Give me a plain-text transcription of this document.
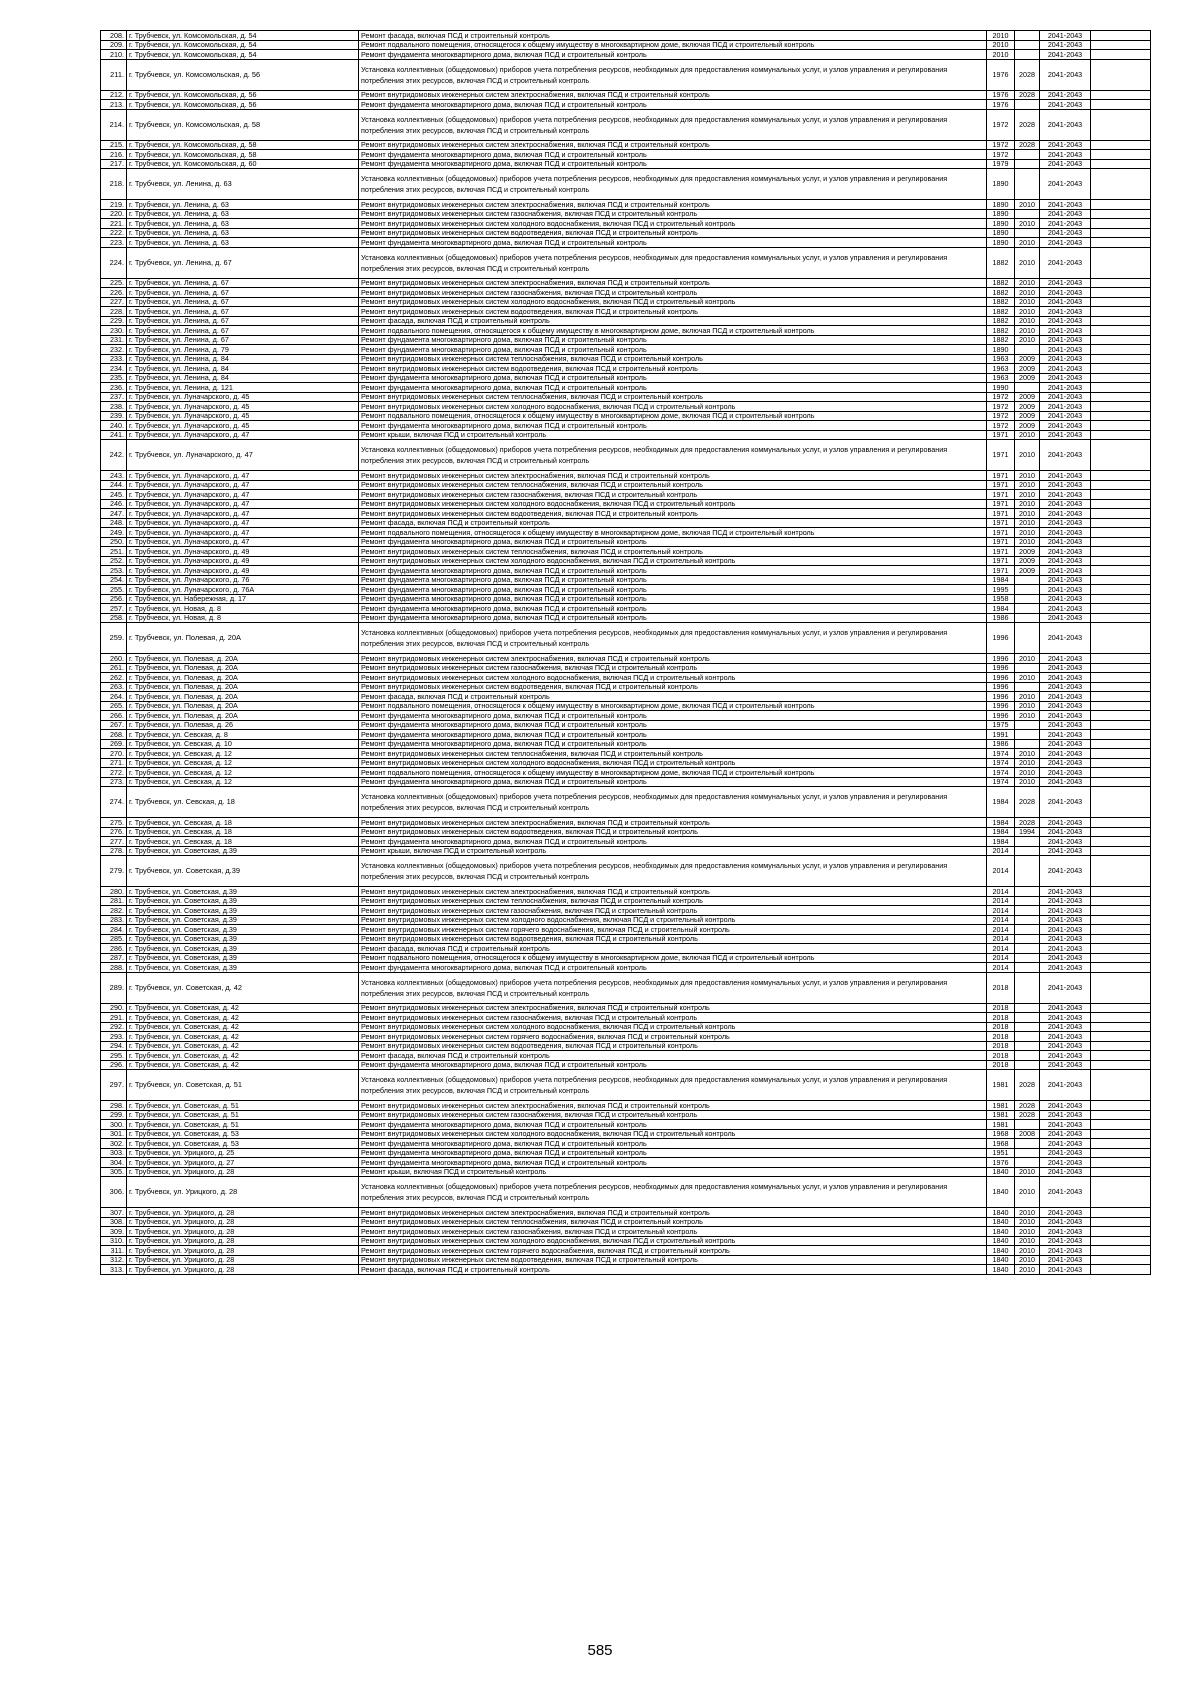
208.	г. Трубчевск, ул. Комсомольская, д. 54	Ремонт фасада, включая ПСД и строительный контроль	2010		2041-2043	
209.	г. Трубчевск, ул. Комсомольская, д. 54	Ремонт подвального помещения, относящегося к общему имуществу в многоквартирном доме, включая ПСД и строительный контроль	2010		2041-2043	
210.	г. Трубчевск, ул. Комсомольская, д. 54	Ремонт фундамента многоквартирного дома, включая ПСД и строительный контроль	2010		2041-2043	
211.	г. Трубчевск, ул. Комсомольская, д. 56	Установка коллективных (общедомовых) приборов учета потребления ресурсов, необходимых для предоставления коммунальных услуг, и узлов управления и регулирования потребления этих ресурсов, включая ПСД и строительный контроль	1976	2028	2041-2043	
212.	г. Трубчевск, ул. Комсомольская, д. 56	Ремонт внутридомовых инженерных систем электроснабжения, включая ПСД и строительный контроль	1976	2028	2041-2043	
213.	г. Трубчевск, ул. Комсомольская, д. 56	Ремонт фундамента многоквартирного дома, включая ПСД и строительный контроль	1976		2041-2043	
214.	г. Трубчевск, ул. Комсомольская, д. 58	Установка коллективных (общедомовых) приборов учета потребления ресурсов, необходимых для предоставления коммунальных услуг, и узлов управления и регулирования потребления этих ресурсов, включая ПСД и строительный контроль	1972	2028	2041-2043	
215.	г. Трубчевск, ул. Комсомольская, д. 58	Ремонт внутридомовых инженерных систем электроснабжения, включая ПСД и строительный контроль	1972	2028	2041-2043	
216.	г. Трубчевск, ул. Комсомольская, д. 58	Ремонт фундамента многоквартирного дома, включая ПСД и строительный контроль	1972		2041-2043	
217.	г. Трубчевск, ул. Комсомольская, д. 60	Ремонт фундамента многоквартирного дома, включая ПСД и строительный контроль	1979		2041-2043	
218.	г. Трубчевск, ул. Ленина, д. 63	Установка коллективных (общедомовых) приборов учета потребления ресурсов, необходимых для предоставления коммунальных услуг, и узлов управления и регулирования потребления этих ресурсов, включая ПСД и строительный контроль	1890		2041-2043	
219.	г. Трубчевск, ул. Ленина, д. 63	Ремонт внутридомовых инженерных систем электроснабжения, включая ПСД и строительный контроль	1890	2010	2041-2043	
220.	г. Трубчевск, ул. Ленина, д. 63	Ремонт внутридомовых инженерных систем газоснабжения, включая ПСД и строительный контроль	1890		2041-2043	
221.	г. Трубчевск, ул. Ленина, д. 63	Ремонт внутридомовых инженерных систем холодного водоснабжения, включая ПСД и строительный контроль	1890	2010	2041-2043	
222.	г. Трубчевск, ул. Ленина, д. 63	Ремонт внутридомовых инженерных систем водоотведения, включая ПСД и строительный контроль	1890		2041-2043	
223.	г. Трубчевск, ул. Ленина, д. 63	Ремонт фундамента многоквартирного дома, включая ПСД и строительный контроль	1890	2010	2041-2043	
224.	г. Трубчевск, ул. Ленина, д. 67	Установка коллективных (общедомовых) приборов учета потребления ресурсов, необходимых для предоставления коммунальных услуг, и узлов управления и регулирования потребления этих ресурсов, включая ПСД и строительный контроль	1882	2010	2041-2043	
225.	г. Трубчевск, ул. Ленина, д. 67	Ремонт внутридомовых инженерных систем электроснабжения, включая ПСД и строительный контроль	1882	2010	2041-2043	
226.	г. Трубчевск, ул. Ленина, д. 67	Ремонт внутридомовых инженерных систем газоснабжения, включая ПСД и строительный контроль	1882	2010	2041-2043	
227.	г. Трубчевск, ул. Ленина, д. 67	Ремонт внутридомовых инженерных систем холодного водоснабжения, включая ПСД и строительный контроль	1882	2010	2041-2043	
228.	г. Трубчевск, ул. Ленина, д. 67	Ремонт внутридомовых инженерных систем водоотведения, включая ПСД и строительный контроль	1882	2010	2041-2043	
229.	г. Трубчевск, ул. Ленина, д. 67	Ремонт фасада, включая ПСД и строительный контроль	1882	2010	2041-2043	
230.	г. Трубчевск, ул. Ленина, д. 67	Ремонт подвального помещения, относящегося к общему имуществу в многоквартирном доме, включая ПСД и строительный контроль	1882	2010	2041-2043	
231.	г. Трубчевск, ул. Ленина, д. 67	Ремонт фундамента многоквартирного дома, включая ПСД и строительный контроль	1882	2010	2041-2043	
232.	г. Трубчевск, ул. Ленина, д. 79	Ремонт фундамента многоквартирного дома, включая ПСД и строительный контроль	1890		2041-2043	
233.	г. Трубчевск, ул. Ленина, д. 84	Ремонт внутридомовых инженерных систем теплоснабжения, включая ПСД и строительный контроль	1963	2009	2041-2043	
234.	г. Трубчевск, ул. Ленина, д. 84	Ремонт внутридомовых инженерных систем водоотведения, включая ПСД и строительный контроль	1963	2009	2041-2043	
235.	г. Трубчевск, ул. Ленина, д. 84	Ремонт фундамента многоквартирного дома, включая ПСД и строительный контроль	1963	2009	2041-2043	
236.	г. Трубчевск, ул. Ленина, д. 121	Ремонт фундамента многоквартирного дома, включая ПСД и строительный контроль	1990		2041-2043	
237.	г. Трубчевск, ул. Луначарского, д. 45	Ремонт внутридомовых инженерных систем теплоснабжения, включая ПСД и строительный контроль	1972	2009	2041-2043	
238.	г. Трубчевск, ул. Луначарского, д. 45	Ремонт внутридомовых инженерных систем холодного водоснабжения, включая ПСД и строительный контроль	1972	2009	2041-2043	
239.	г. Трубчевск, ул. Луначарского, д. 45	Ремонт подвального помещения, относящегося к общему имуществу в многоквартирном доме, включая ПСД и строительный контроль	1972	2009	2041-2043	
240.	г. Трубчевск, ул. Луначарского, д. 45	Ремонт фундамента многоквартирного дома, включая ПСД и строительный контроль	1972	2009	2041-2043	
241.	г. Трубчевск, ул. Луначарского, д. 47	Ремонт крыши, включая ПСД и строительный контроль	1971	2010	2041-2043	
242.	г. Трубчевск, ул. Луначарского, д. 47	Установка коллективных (общедомовых) приборов учета потребления ресурсов, необходимых для предоставления коммунальных услуг, и узлов управления и регулирования потребления этих ресурсов, включая ПСД и строительный контроль	1971	2010	2041-2043	
243.	г. Трубчевск, ул. Луначарского, д. 47	Ремонт внутридомовых инженерных систем электроснабжения, включая ПСД и строительный контроль	1971	2010	2041-2043	
244.	г. Трубчевск, ул. Луначарского, д. 47	Ремонт внутридомовых инженерных систем теплоснабжения, включая ПСД и строительный контроль	1971	2010	2041-2043	
245.	г. Трубчевск, ул. Луначарского, д. 47	Ремонт внутридомовых инженерных систем газоснабжения, включая ПСД и строительный контроль	1971	2010	2041-2043	
246.	г. Трубчевск, ул. Луначарского, д. 47	Ремонт внутридомовых инженерных систем холодного водоснабжения, включая ПСД и строительный контроль	1971	2010	2041-2043	
247.	г. Трубчевск, ул. Луначарского, д. 47	Ремонт внутридомовых инженерных систем водоотведения, включая ПСД и строительный контроль	1971	2010	2041-2043	
248.	г. Трубчевск, ул. Луначарского, д. 47	Ремонт фасада, включая ПСД и строительный контроль	1971	2010	2041-2043	
249.	г. Трубчевск, ул. Луначарского, д. 47	Ремонт подвального помещения, относящегося к общему имуществу в многоквартирном доме, включая ПСД и строительный контроль	1971	2010	2041-2043	
250.	г. Трубчевск, ул. Луначарского, д. 47	Ремонт фундамента многоквартирного дома, включая ПСД и строительный контроль	1971	2010	2041-2043	
251.	г. Трубчевск, ул. Луначарского, д. 49	Ремонт внутридомовых инженерных систем теплоснабжения, включая ПСД и строительный контроль	1971	2009	2041-2043	
252.	г. Трубчевск, ул. Луначарского, д. 49	Ремонт внутридомовых инженерных систем холодного водоснабжения, включая ПСД и строительный контроль	1971	2009	2041-2043	
253.	г. Трубчевск, ул. Луначарского, д. 49	Ремонт фундамента многоквартирного дома, включая ПСД и строительный контроль	1971	2009	2041-2043	
254.	г. Трубчевск, ул. Луначарского, д. 76	Ремонт фундамента многоквартирного дома, включая ПСД и строительный контроль	1984		2041-2043	
255.	г. Трубчевск, ул. Луначарского, д. 76А	Ремонт фундамента многоквартирного дома, включая ПСД и строительный контроль	1995		2041-2043	
256.	г. Трубчевск, ул. Набережная, д. 17	Ремонт фундамента многоквартирного дома, включая ПСД и строительный контроль	1958		2041-2043	
257.	г. Трубчевск, ул. Новая, д. 8	Ремонт фундамента многоквартирного дома, включая ПСД и строительный контроль	1984		2041-2043	
258.	г. Трубчевск, ул. Новая, д. 8	Ремонт фундамента многоквартирного дома, включая ПСД и строительный контроль	1986		2041-2043	
259.	г. Трубчевск, ул. Полевая, д. 20А	Установка коллективных (общедомовых) приборов учета потребления ресурсов, необходимых для предоставления коммунальных услуг, и узлов управления и регулирования потребления этих ресурсов, включая ПСД и строительный контроль	1996		2041-2043	
260.	г. Трубчевск, ул. Полевая, д. 20А	Ремонт внутридомовых инженерных систем электроснабжения, включая ПСД и строительный контроль	1996	2010	2041-2043	
261.	г. Трубчевск, ул. Полевая, д. 20А	Ремонт внутридомовых инженерных систем газоснабжения, включая ПСД и строительный контроль	1996		2041-2043	
262.	г. Трубчевск, ул. Полевая, д. 20А	Ремонт внутридомовых инженерных систем холодного водоснабжения, включая ПСД и строительный контроль	1996	2010	2041-2043	
263.	г. Трубчевск, ул. Полевая, д. 20А	Ремонт внутридомовых инженерных систем водоотведения, включая ПСД и строительный контроль	1996		2041-2043	
264.	г. Трубчевск, ул. Полевая, д. 20А	Ремонт фасада, включая ПСД и строительный контроль	1996	2010	2041-2043	
265.	г. Трубчевск, ул. Полевая, д. 20А	Ремонт подвального помещения, относящегося к общему имуществу в многоквартирном доме, включая ПСД и строительный контроль	1996	2010	2041-2043	
266.	г. Трубчевск, ул. Полевая, д. 20А	Ремонт фундамента многоквартирного дома, включая ПСД и строительный контроль	1996	2010	2041-2043	
267.	г. Трубчевск, ул. Полевая, д. 26	Ремонт фундамента многоквартирного дома, включая ПСД и строительный контроль	1975		2041-2043	
268.	г. Трубчевск, ул. Севская, д. 8	Ремонт фундамента многоквартирного дома, включая ПСД и строительный контроль	1991		2041-2043	
269.	г. Трубчевск, ул. Севская, д. 10	Ремонт фундамента многоквартирного дома, включая ПСД и строительный контроль	1986		2041-2043	
270.	г. Трубчевск, ул. Севская, д. 12	Ремонт внутридомовых инженерных систем теплоснабжения, включая ПСД и строительный контроль	1974	2010	2041-2043	
271.	г. Трубчевск, ул. Севская, д. 12	Ремонт внутридомовых инженерных систем холодного водоснабжения, включая ПСД и строительный контроль	1974	2010	2041-2043	
272.	г. Трубчевск, ул. Севская, д. 12	Ремонт подвального помещения, относящегося к общему имуществу в многоквартирном доме, включая ПСД и строительный контроль	1974	2010	2041-2043	
273.	г. Трубчевск, ул. Севская, д. 12	Ремонт фундамента многоквартирного дома, включая ПСД и строительный контроль	1974	2010	2041-2043	
274.	г. Трубчевск, ул. Севская, д. 18	Установка коллективных (общедомовых) приборов учета потребления ресурсов, необходимых для предоставления коммунальных услуг, и узлов управления и регулирования потребления этих ресурсов, включая ПСД и строительный контроль	1984	2028	2041-2043	
275.	г. Трубчевск, ул. Севская, д. 18	Ремонт внутридомовых инженерных систем электроснабжения, включая ПСД и строительный контроль	1984	2028	2041-2043	
276.	г. Трубчевск, ул. Севская, д. 18	Ремонт внутридомовых инженерных систем водоотведения, включая ПСД и строительный контроль	1984	1994	2041-2043	
277.	г. Трубчевск, ул. Севская, д. 18	Ремонт фундамента многоквартирного дома, включая ПСД и строительный контроль	1984		2041-2043	
278.	г. Трубчевск, ул. Советская, д.39	Ремонт крыши, включая ПСД и строительный контроль	2014		2041-2043	
279.	г. Трубчевск, ул. Советская, д.39	Установка коллективных (общедомовых) приборов учета потребления ресурсов, необходимых для предоставления коммунальных услуг, и узлов управления и регулирования потребления этих ресурсов, включая ПСД и строительный контроль	2014		2041-2043	
280.	г. Трубчевск, ул. Советская, д.39	Ремонт внутридомовых инженерных систем электроснабжения, включая ПСД и строительный контроль	2014		2041-2043	
281.	г. Трубчевск, ул. Советская, д.39	Ремонт внутридомовых инженерных систем теплоснабжения, включая ПСД и строительный контроль	2014		2041-2043	
282.	г. Трубчевск, ул. Советская, д.39	Ремонт внутридомовых инженерных систем газоснабжения, включая ПСД и строительный контроль	2014		2041-2043	
283.	г. Трубчевск, ул. Советская, д.39	Ремонт внутридомовых инженерных систем холодного водоснабжения, включая ПСД и строительный контроль	2014		2041-2043	
284.	г. Трубчевск, ул. Советская, д.39	Ремонт внутридомовых инженерных систем горячего водоснабжения, включая ПСД и строительный контроль	2014		2041-2043	
285.	г. Трубчевск, ул. Советская, д.39	Ремонт внутридомовых инженерных систем водоотведения, включая ПСД и строительный контроль	2014		2041-2043	
286.	г. Трубчевск, ул. Советская, д.39	Ремонт фасада, включая ПСД и строительный контроль	2014		2041-2043	
287.	г. Трубчевск, ул. Советская, д.39	Ремонт подвального помещения, относящегося к общему имуществу в многоквартирном доме, включая ПСД и строительный контроль	2014		2041-2043	
288.	г. Трубчевск, ул. Советская, д.39	Ремонт фундамента многоквартирного дома, включая ПСД и строительный контроль	2014		2041-2043	
289.	г. Трубчевск, ул. Советская, д. 42	Установка коллективных (общедомовых) приборов учета потребления ресурсов, необходимых для предоставления коммунальных услуг, и узлов управления и регулирования потребления этих ресурсов, включая ПСД и строительный контроль	2018		2041-2043	
290.	г. Трубчевск, ул. Советская, д. 42	Ремонт внутридомовых инженерных систем электроснабжения, включая ПСД и строительный контроль	2018		2041-2043	
291.	г. Трубчевск, ул. Советская, д. 42	Ремонт внутридомовых инженерных систем газоснабжения, включая ПСД и строительный контроль	2018		2041-2043	
292.	г. Трубчевск, ул. Советская, д. 42	Ремонт внутридомовых инженерных систем холодного водоснабжения, включая ПСД и строительный контроль	2018		2041-2043	
293.	г. Трубчевск, ул. Советская, д. 42	Ремонт внутридомовых инженерных систем горячего водоснабжения, включая ПСД и строительный контроль	2018		2041-2043	
294.	г. Трубчевск, ул. Советская, д. 42	Ремонт внутридомовых инженерных систем водоотведения, включая ПСД и строительный контроль	2018		2041-2043	
295.	г. Трубчевск, ул. Советская, д. 42	Ремонт фасада, включая ПСД и строительный контроль	2018		2041-2043	
296.	г. Трубчевск, ул. Советская, д. 42	Ремонт фундамента многоквартирного дома, включая ПСД и строительный контроль	2018		2041-2043	
297.	г. Трубчевск, ул. Советская, д. 51	Установка коллективных (общедомовых) приборов учета потребления ресурсов, необходимых для предоставления коммунальных услуг, и узлов управления и регулирования потребления этих ресурсов, включая ПСД и строительный контроль	1981	2028	2041-2043	
298.	г. Трубчевск, ул. Советская, д. 51	Ремонт внутридомовых инженерных систем электроснабжения, включая ПСД и строительный контроль	1981	2028	2041-2043	
299.	г. Трубчевск, ул. Советская, д. 51	Ремонт внутридомовых инженерных систем газоснабжения, включая ПСД и строительный контроль	1981	2028	2041-2043	
300.	г. Трубчевск, ул. Советская, д. 51	Ремонт фундамента многоквартирного дома, включая ПСД и строительный контроль	1981		2041-2043	
301.	г. Трубчевск, ул. Советская, д. 53	Ремонт внутридомовых инженерных систем холодного водоснабжения, включая ПСД и строительный контроль	1968	2008	2041-2043	
302.	г. Трубчевск, ул. Советская, д. 53	Ремонт фундамента многоквартирного дома, включая ПСД и строительный контроль	1968		2041-2043	
303.	г. Трубчевск, ул. Урицкого, д. 25	Ремонт фундамента многоквартирного дома, включая ПСД и строительный контроль	1951		2041-2043	
304.	г. Трубчевск, ул. Урицкого, д. 27	Ремонт фундамента многоквартирного дома, включая ПСД и строительный контроль	1976		2041-2043	
305.	г. Трубчевск, ул. Урицкого, д. 28	Ремонт крыши, включая ПСД и строительный контроль	1840	2010	2041-2043	
306.	г. Трубчевск, ул. Урицкого, д. 28	Установка коллективных (общедомовых) приборов учета потребления ресурсов, необходимых для предоставления коммунальных услуг, и узлов управления и регулирования потребления этих ресурсов, включая ПСД и строительный контроль	1840	2010	2041-2043	
307.	г. Трубчевск, ул. Урицкого, д. 28	Ремонт внутридомовых инженерных систем электроснабжения, включая ПСД и строительный контроль	1840	2010	2041-2043	
308.	г. Трубчевск, ул. Урицкого, д. 28	Ремонт внутридомовых инженерных систем теплоснабжения, включая ПСД и строительный контроль	1840	2010	2041-2043	
309.	г. Трубчевск, ул. Урицкого, д. 28	Ремонт внутридомовых инженерных систем газоснабжения, включая ПСД и строительный контроль	1840	2010	2041-2043	
310.	г. Трубчевск, ул. Урицкого, д. 28	Ремонт внутридомовых инженерных систем холодного водоснабжения, включая ПСД и строительный контроль	1840	2010	2041-2043	
311.	г. Трубчевск, ул. Урицкого, д. 28	Ремонт внутридомовых инженерных систем горячего водоснабжения, включая ПСД и строительный контроль	1840	2010	2041-2043	
312.	г. Трубчевск, ул. Урицкого, д. 28	Ремонт внутридомовых инженерных систем водоотведения, включая ПСД и строительный контроль	1840	2010	2041-2043	
313.	г. Трубчевск, ул. Урицкого, д. 28	Ремонт фасада, включая ПСД и строительный контроль	1840	2010	2041-2043	
585
